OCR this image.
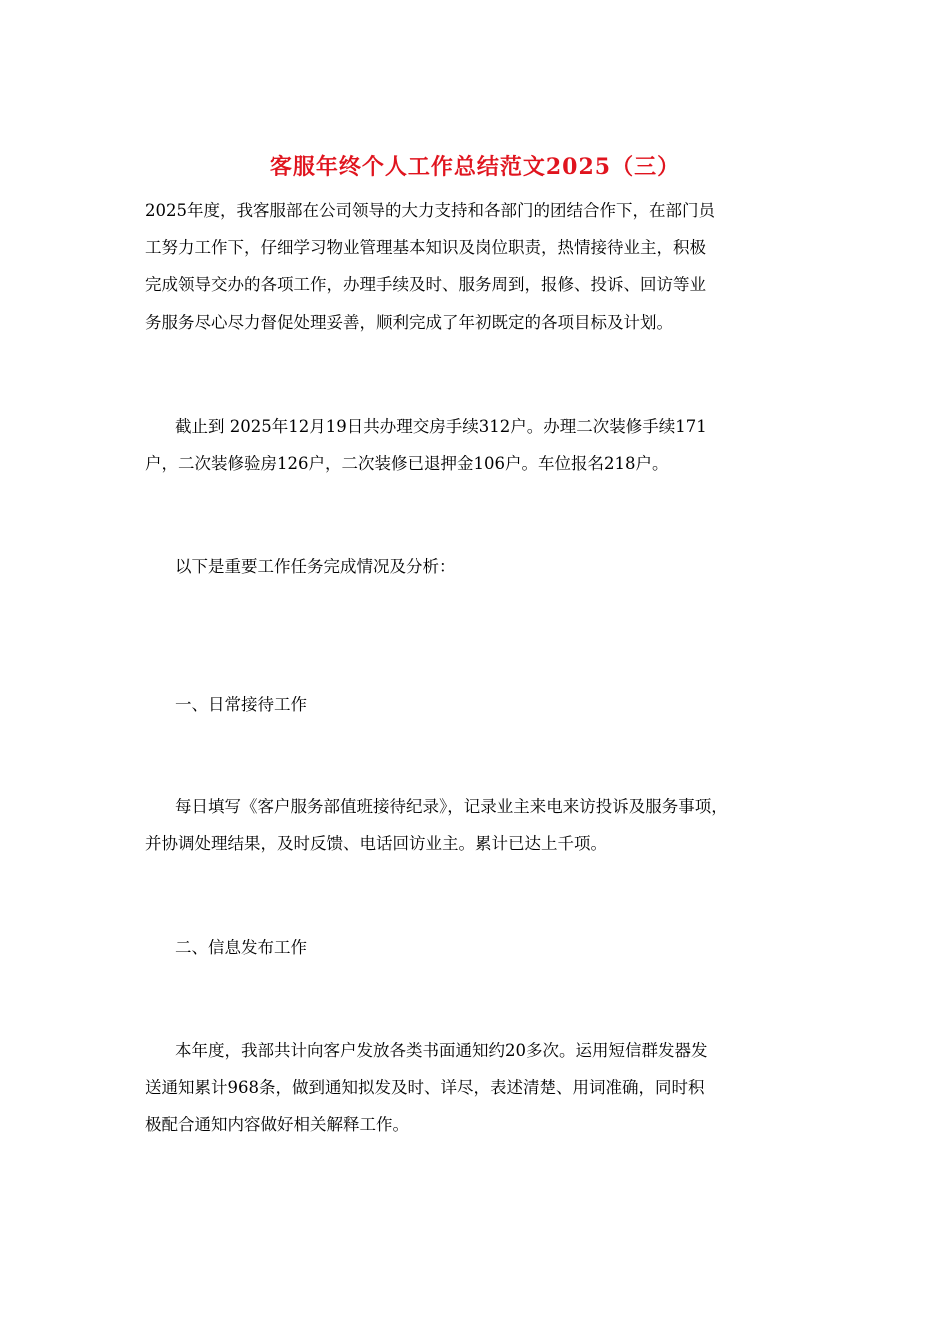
客服年终个人工作总结范文2025（三）
2025年度，我客服部在公司领导的大力支持和各部门的团结合作下，在部门员
工努力工作下，仔细学习物业管理基本知识及岗位职责，热情接待业主，积极
完成领导交办的各项工作，办理手续及时、服务周到，报修、投诉、回访等业
务服务尽心尽力督促处理妥善，顺利完成了年初既定的各项目标及计划。
截止到 2025年12月19日共办理交房手续312户。办理二次装修手续171
户，二次装修验房126户，二次装修已退押金106户。车位报名218户。
以下是重要工作任务完成情况及分析：
一、日常接待工作
每日填写《客户服务部值班接待纪录》，记录业主来电来访投诉及服务事项，
并协调处理结果，及时反馈、电话回访业主。累计已达上千项。
二、信息发布工作
本年度，我部共计向客户发放各类书面通知约20多次。运用短信群发器发
送通知累计968条，做到通知拟发及时、详尽，表述清楚、用词准确，同时积
极配合通知内容做好相关解释工作。
